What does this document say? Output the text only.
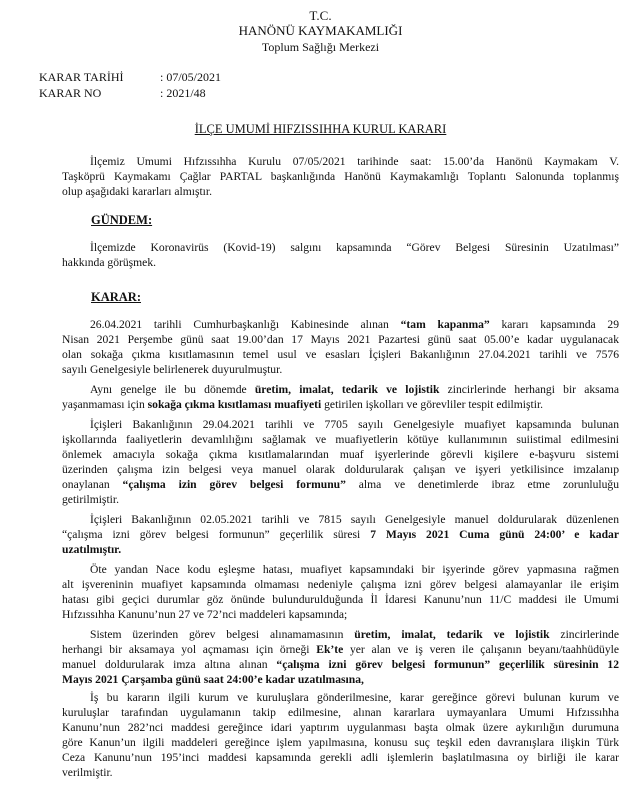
T.C.
HANÖNÜ KAYMAKAMLIĞI
Toplum Sağlığı Merkezi
KARAR TARİHİ	: 07/05/2021
KARAR NO	: 2021/48
İLÇE UMUMİ HIFZISSIHHA KURUL KARARI
İlçemiz Umumi Hıfzıssıhha Kurulu 07/05/2021 tarihinde saat: 15.00’da Hanönü Kaymakam V.
Taşköprü Kaymakamı Çağlar PARTAL başkanlığında Hanönü Kaymakamlığı Toplantı Salonunda toplanmış
olup aşağıdaki kararları almıştır.
GÜNDEM:
İlçemizde Koronavirüs (Kovid-19) salgını kapsamında “Görev Belgesi Süresinin Uzatılması”
hakkında görüşmek.
KARAR:
26.04.2021 tarihli Cumhurbaşkanlığı Kabinesinde alınan “tam kapanma” kararı kapsamında 29
Nisan 2021 Perşembe günü saat 19.00’dan 17 Mayıs 2021 Pazartesi günü saat 05.00’e kadar uygulanacak
olan sokağa çıkma kısıtlamasının temel usul ve esasları İçişleri Bakanlığının 27.04.2021 tarihli ve 7576
sayılı Genelgesiyle belirlenerek duyurulmuştur.
Aynı genelge ile bu dönemde üretim, imalat, tedarik ve lojistik zincirlerinde herhangi bir aksama
yaşanmaması için sokağa çıkma kısıtlaması muafiyeti getirilen işkolları ve görevliler tespit edilmiştir.
İçişleri Bakanlığının 29.04.2021 tarihli ve 7705 sayılı Genelgesiyle muafiyet kapsamında bulunan
işkollarında faaliyetlerin devamlılığını sağlamak ve muafiyetlerin kötüye kullanımının suiistimal edilmesini
önlemek amacıyla sokağa çıkma kısıtlamalarından muaf işyerlerinde görevli kişilere e-başvuru sistemi
üzerinden çalışma izin belgesi veya manuel olarak doldurularak çalışan ve işyeri yetkilisince imzalanıp
onaylanan “çalışma izin görev belgesi formunu” alma ve denetimlerde ibraz etme zorunluluğu
getirilmiştir.
İçişleri Bakanlığının 02.05.2021 tarihli ve 7815 sayılı Genelgesiyle manuel doldurularak düzenlenen
“çalışma izni görev belgesi formunun” geçerlilik süresi 7 Mayıs 2021 Cuma günü 24:00’ e kadar
uzatılmıştır.
Öte yandan Nace kodu eşleşme hatası, muafiyet kapsamındaki bir işyerinde görev yapmasına rağmen
alt işvereninin muafiyet kapsamında olmaması nedeniyle çalışma izni görev belgesi alamayanlar ile erişim
hatası gibi geçici durumlar göz önünde bulundurulduğunda İl İdaresi Kanunu’nun 11/C maddesi ile Umumi
Hıfzıssıhha Kanunu’nun 27 ve 72’nci maddeleri kapsamında;
Sistem üzerinden görev belgesi alınamamasının üretim, imalat, tedarik ve lojistik zincirlerinde
herhangi bir aksamaya yol açmaması için örneği Ek’te yer alan ve iş veren ile çalışanın beyanı/taahhüdüyle
manuel doldurularak imza altına alınan “çalışma izni görev belgesi formunun” geçerlilik süresinin 12
Mayıs 2021 Çarşamba günü saat 24:00’e kadar uzatılmasına,
İş bu kararın ilgili kurum ve kuruluşlara gönderilmesine, karar gereğince görevi bulunan kurum ve
kuruluşlar tarafından uygulamanın takip edilmesine, alınan kararlara uymayanlara Umumi Hıfzıssıhha
Kanunu’nun 282’nci maddesi gereğince idari yaptırım uygulanması başta olmak üzere aykırılığın durumuna
göre Kanun’un ilgili maddeleri gereğince işlem yapılmasına, konusu suç teşkil eden davranışlara ilişkin Türk
Ceza Kanunu’nun 195’inci maddesi kapsamında gerekli adli işlemlerin başlatılmasına oy birliği ile karar
verilmiştir.
